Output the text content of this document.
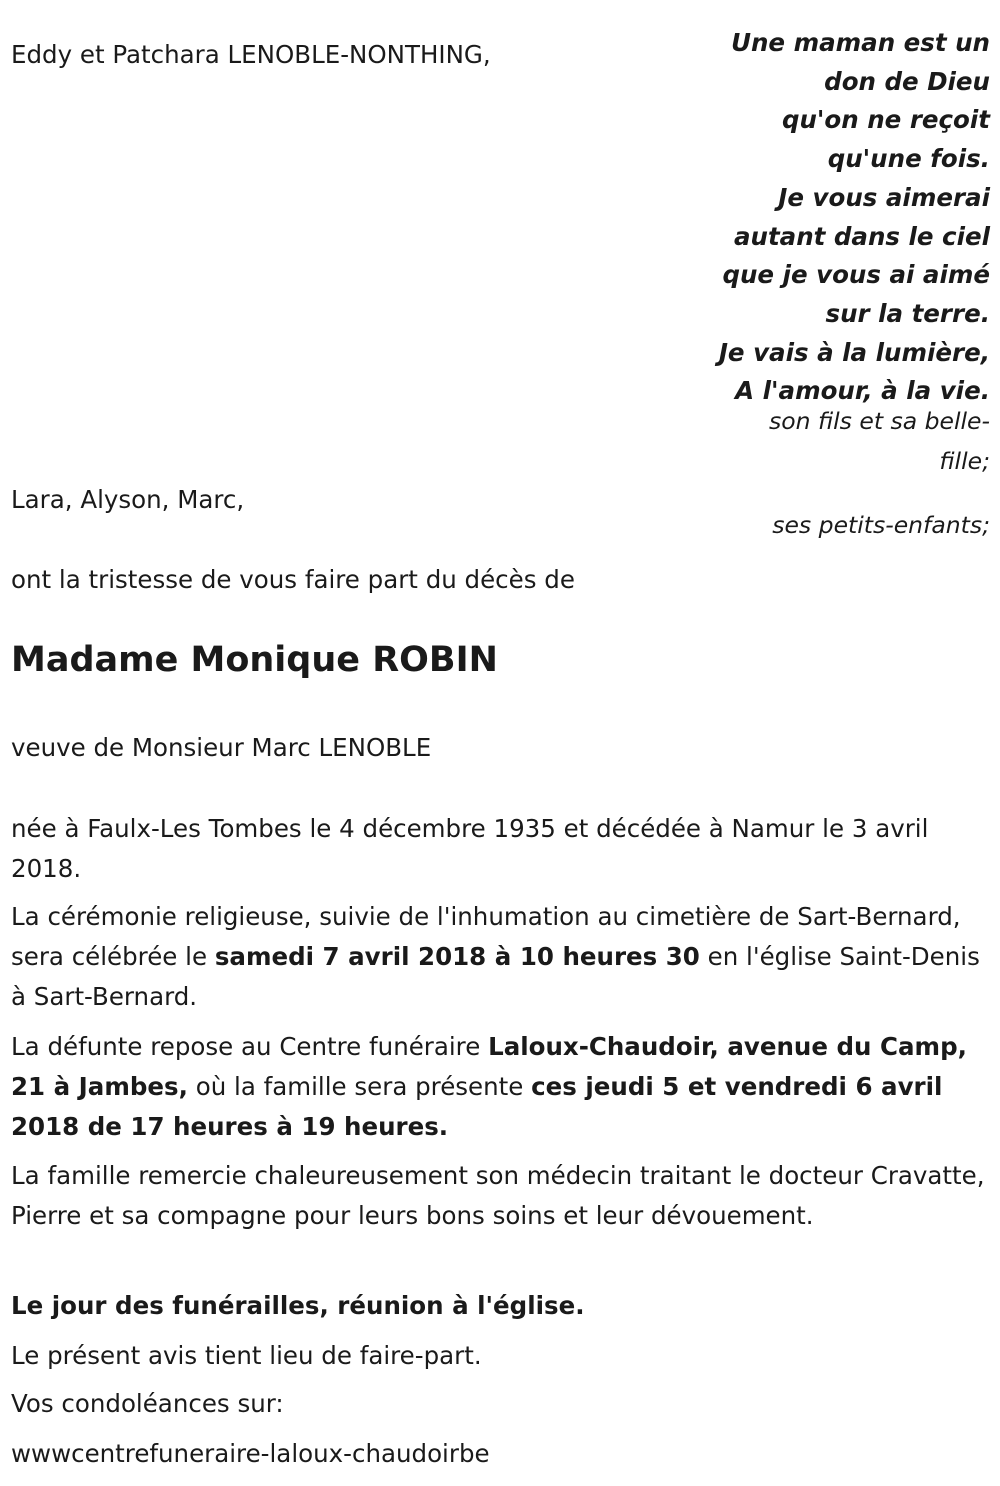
Eddy et Patchara LENOBLE-NONTHING,	Une maman est un
don de Dieu
qu'on ne reçoit
qu'une fois.
Je vous aimerai
autant dans le ciel
que je vous ai aimé
sur la terre.
Je vais à la lumière,
A l'amour, à la vie.

son fils et sa belle-

fille;

Lara, Alyson, Marc,

ses petits-enfants;

ont la tristesse de vous faire part du décès de

Madame Monique ROBIN

veuve de Monsieur Marc LENOBLE

née à Faulx-Les Tombes le 4 décembre 1935 et décédée à Namur le 3 avril 2018.

La cérémonie religieuse, suivie de l'inhumation au cimetière de Sart-Bernard, sera célébrée le samedi 7 avril 2018 à 10 heures 30 en l'église Saint-Denis à Sart-Bernard.

La défunte repose au Centre funéraire Laloux-Chaudoir, avenue du Camp, 21 à Jambes, où la famille sera présente ces jeudi 5 et vendredi 6 avril 2018 de 17 heures à 19 heures.

La famille remercie chaleureusement son médecin traitant le docteur Cravatte, Pierre et sa compagne pour leurs bons soins et leur dévouement.

Le jour des funérailles, réunion à l'église.

Le présent avis tient lieu de faire-part.

Vos condoléances sur:

wwwcentrefuneraire-laloux-chaudoirbe
